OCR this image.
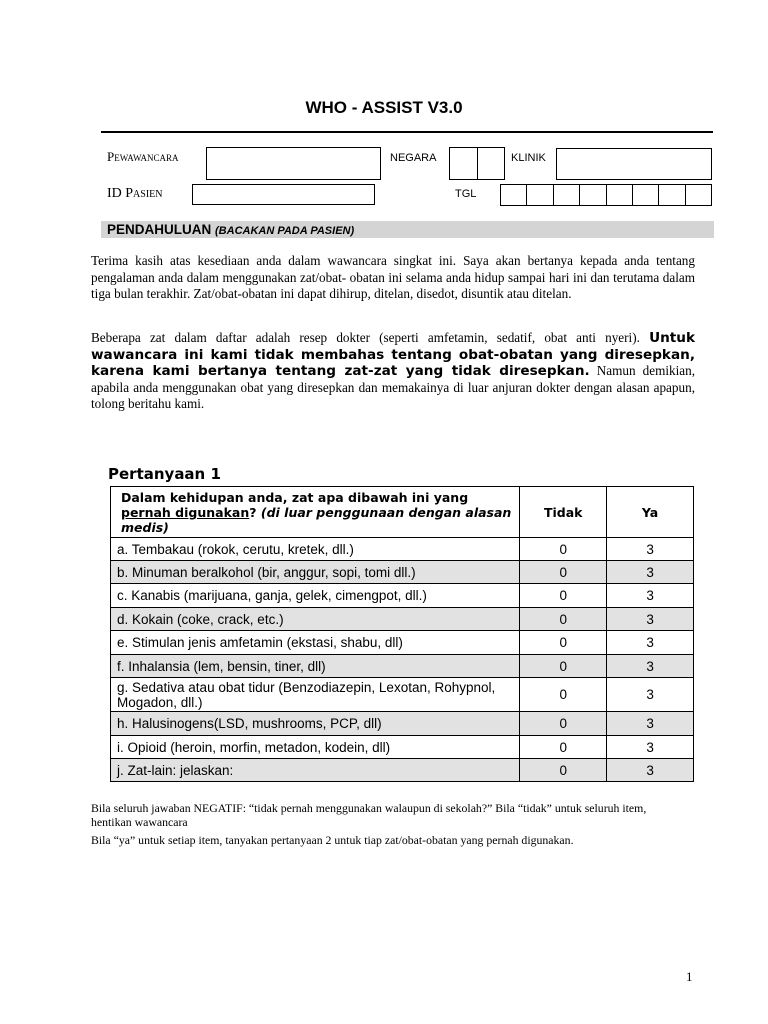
WHO - ASSIST V3.0
Pewawancara	NEGARA	KLINIK
ID Pasien	TGL
PENDAHULUAN (BACAKAN PADA PASIEN)
Terima kasih atas kesediaan anda dalam wawancara singkat ini. Saya akan bertanya kepada anda tentang pengalaman anda dalam menggunakan zat/obat- obatan ini selama anda hidup sampai hari ini dan terutama dalam tiga bulan terakhir. Zat/obat-obatan ini dapat dihirup, ditelan, disedot, disuntik atau ditelan.
Beberapa zat dalam daftar adalah resep dokter (seperti amfetamin, sedatif, obat anti nyeri). Untuk wawancara ini kami tidak membahas tentang obat-obatan yang diresepkan, karena kami bertanya tentang zat-zat yang tidak diresepkan. Namun demikian, apabila anda menggunakan obat yang diresepkan dan memakainya di luar anjuran dokter dengan alasan apapun, tolong beritahu kami.
Pertanyaan 1
Dalam kehidupan anda, zat apa dibawah ini yang
pernah digunakan? (di luar penggunaan dengan alasan medis)	Tidak	Ya
a. Tembakau (rokok, cerutu, kretek, dll.)	0	3
b. Minuman beralkohol (bir, anggur, sopi, tomi dll.)	0	3
c. Kanabis (marijuana, ganja, gelek, cimengpot, dll.)	0	3
d. Kokain (coke, crack, etc.)	0	3
e. Stimulan jenis amfetamin (ekstasi, shabu, dll)	0	3
f. Inhalansia (lem, bensin, tiner, dll)	0	3
g. Sedativa atau obat tidur (Benzodiazepin, Lexotan, Rohypnol, Mogadon, dll.)	0	3
h. Halusinogens(LSD, mushrooms, PCP, dll)	0	3
i. Opioid (heroin, morfin, metadon, kodein, dll)	0	3
j. Zat-lain: jelaskan:	0	3
Bila seluruh jawaban NEGATIF: “tidak pernah menggunakan walaupun di sekolah?” Bila “tidak” untuk seluruh item, hentikan wawancara
Bila “ya” untuk setiap item, tanyakan pertanyaan 2 untuk tiap zat/obat-obatan yang pernah digunakan.
1
